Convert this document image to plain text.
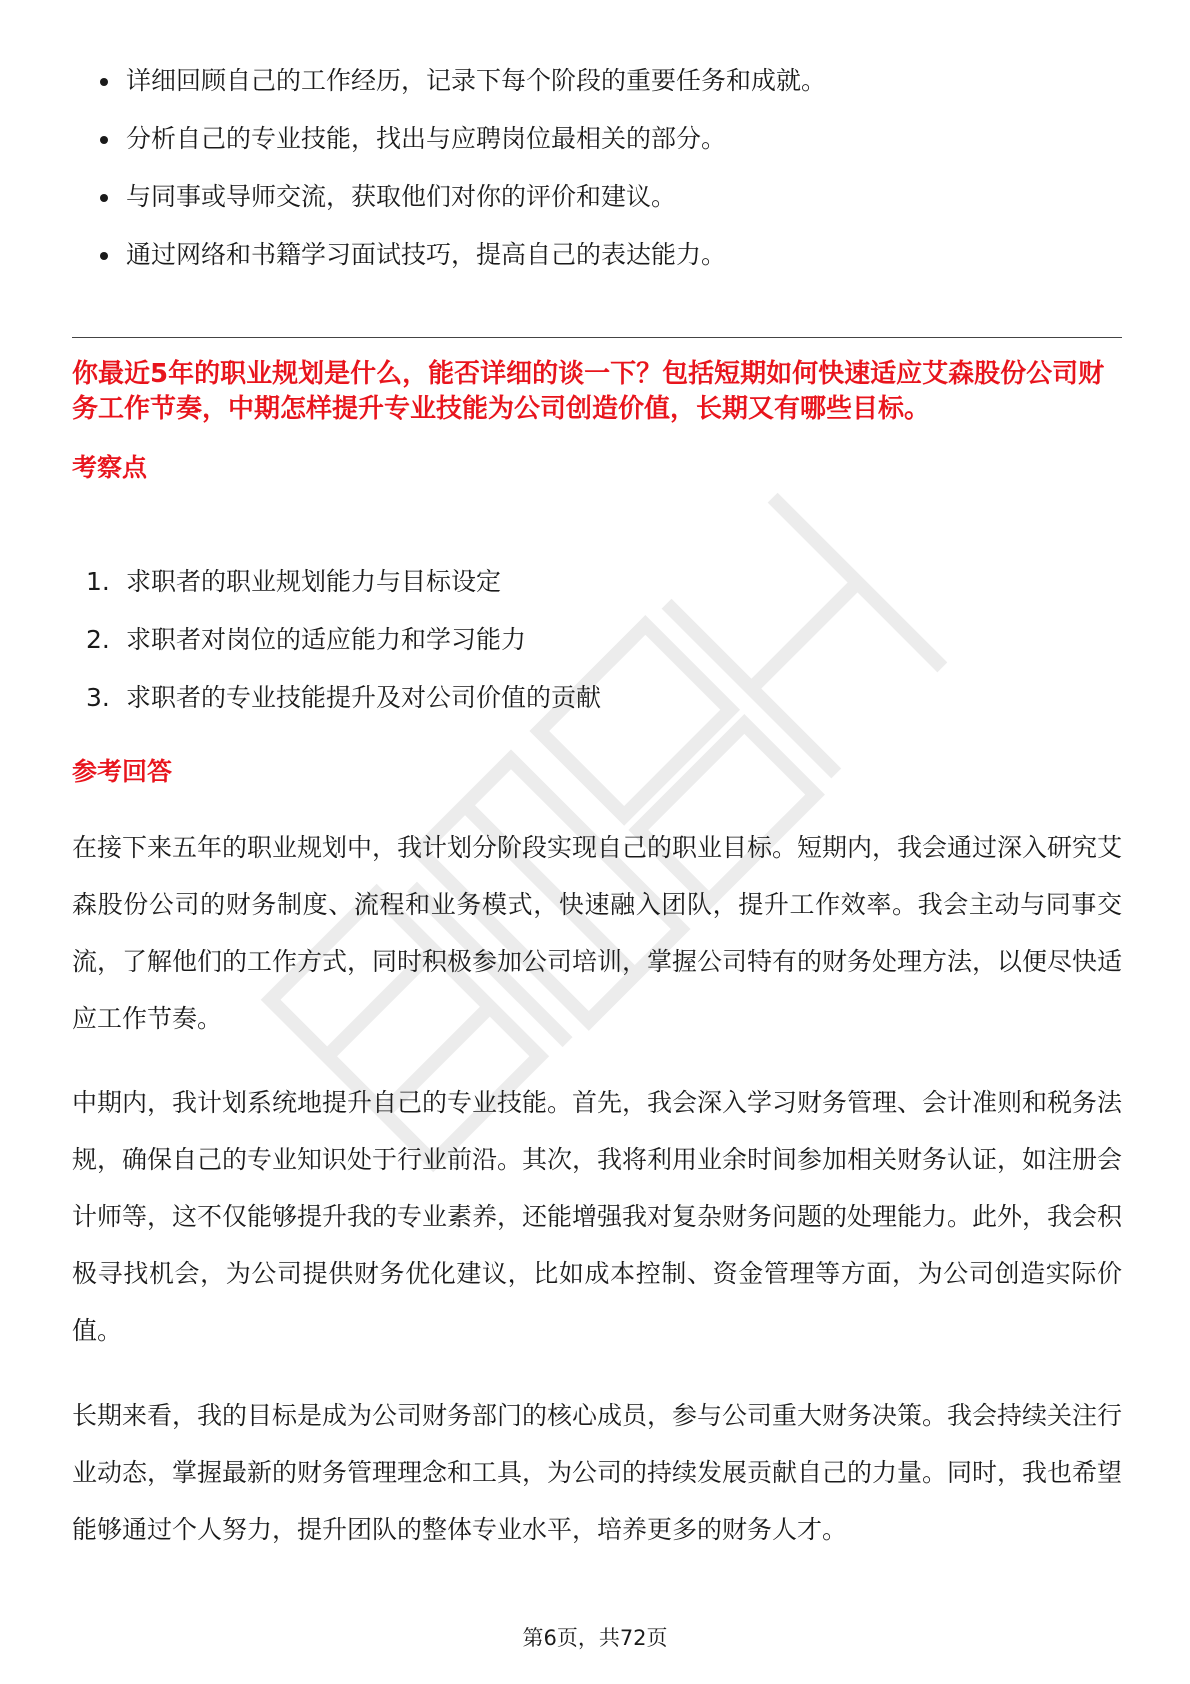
详细回顾自己的工作经历，记录下每个阶段的重要任务和成就。
分析自己的专业技能，找出与应聘岗位最相关的部分。
与同事或导师交流，获取他们对你的评价和建议。
通过网络和书籍学习面试技巧，提高自己的表达能力。
你最近5年的职业规划是什么，能否详细的谈一下？包括短期如何快速适应艾森股份公司财务工作节奏，中期怎样提升专业技能为公司创造价值，长期又有哪些目标。
考察点
1. 求职者的职业规划能力与目标设定
2. 求职者对岗位的适应能力和学习能力
3. 求职者的专业技能提升及对公司价值的贡献
参考回答

在接下来五年的职业规划中，我计划分阶段实现自己的职业目标。短期内，我会通过深入研究艾森股份公司的财务制度、流程和业务模式，快速融入团队，提升工作效率。我会主动与同事交流，了解他们的工作方式，同时积极参加公司培训，掌握公司特有的财务处理方法，以便尽快适应工作节奏。

中期内，我计划系统地提升自己的专业技能。首先，我会深入学习财务管理、会计准则和税务法规，确保自己的专业知识处于行业前沿。其次，我将利用业余时间参加相关财务认证，如注册会计师等，这不仅能够提升我的专业素养，还能增强我对复杂财务问题的处理能力。此外，我会积极寻找机会，为公司提供财务优化建议，比如成本控制、资金管理等方面，为公司创造实际价值。

长期来看，我的目标是成为公司财务部门的核心成员，参与公司重大财务决策。我会持续关注行业动态，掌握最新的财务管理理念和工具，为公司的持续发展贡献自己的力量。同时，我也希望能够通过个人努力，提升团队的整体专业水平，培养更多的财务人才。

第6页，共72页
